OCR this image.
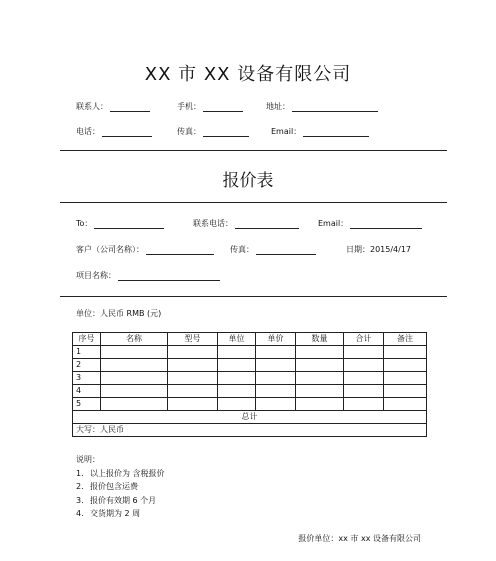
XX 市 XX 设备有限公司
联系人：	手机：	地址：
电话：	传真：	Email：
报价表
To：	联系电话：	Email：
客户（公司名称）：	传真：	日期：2015/4/17
项目名称：
单位：人民币 RMB (元)
序号	名称	型号	单位	单价	数量	合计	备注
1							
2							
3							
4							
5							
总计							
大写：人民币							
说明：
1. 以上报价为 含税报价
2. 报价包含运费
3. 报价有效期 6 个月
4. 交货期为 2 周
报价单位：xx 市 xx 设备有限公司
